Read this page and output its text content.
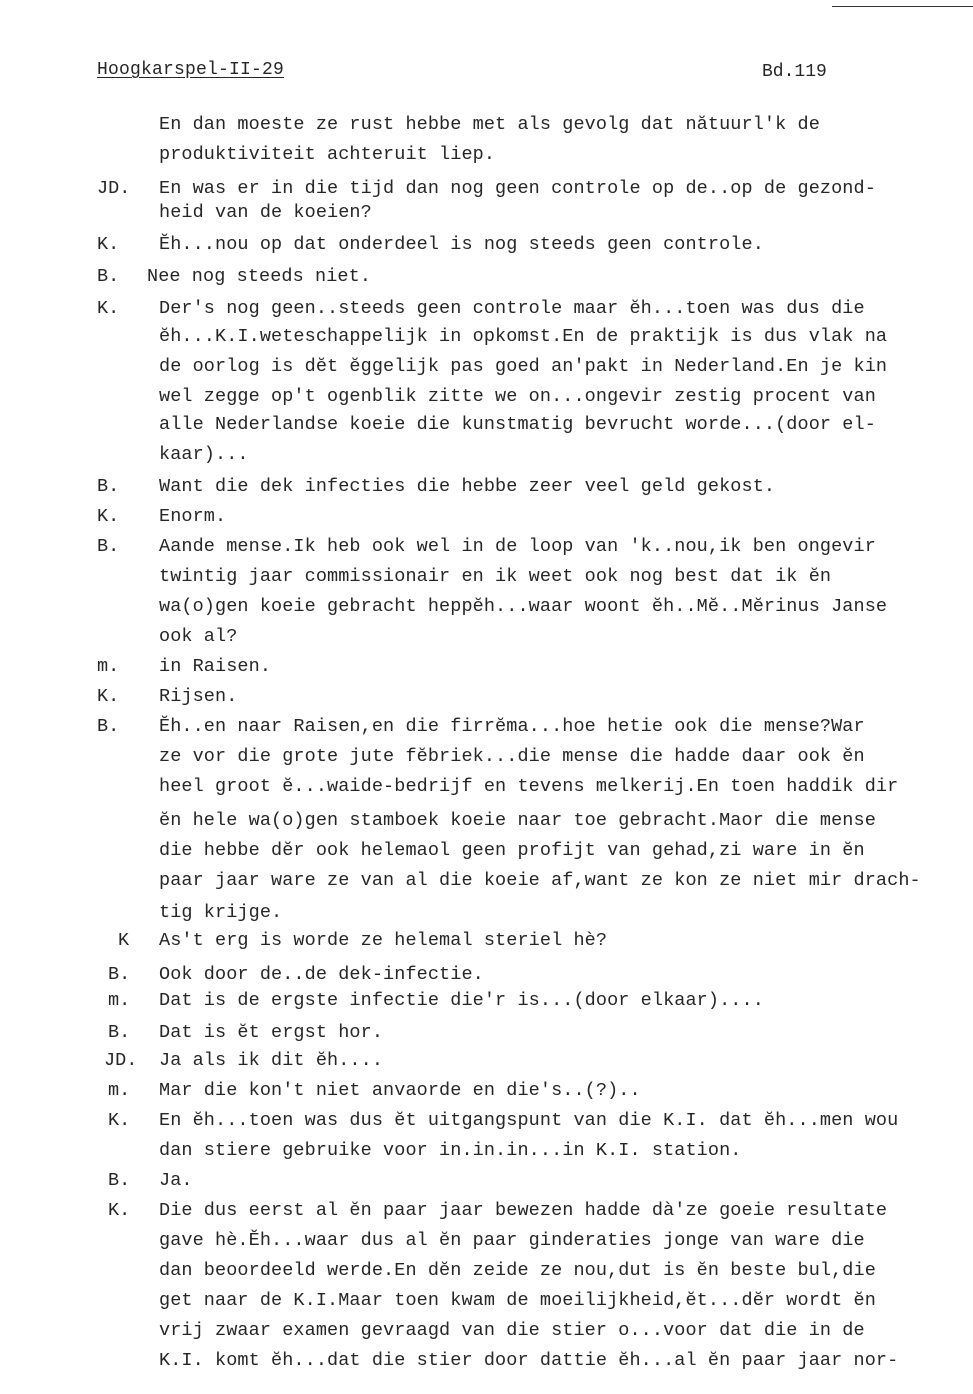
Hoogkarspel-II-29	Bd.119
En dan moeste ze rust hebbe met als gevolg dat nătuurl'k de
produktiviteit achteruit liep.
JD. En was er in die tijd dan nog geen controle op de..op de gezond-
heid van de koeien?
K. Ĕh...nou op dat onderdeel is nog steeds geen controle.
B. Nee nog steeds niet.
K. Der's nog geen..steeds geen controle maar ĕh...toen was dus die
ĕh...K.I.weteschappelijk in opkomst.En de praktijk is dus vlak na
de oorlog is dĕt ĕggelijk pas goed an'pakt in Nederland.En je kin
wel zegge op't ogenblik zitte we on...ongevir zestig procent van
alle Nederlandse koeie die kunstmatig bevrucht worde...(door el-
kaar)...
B. Want die dek infecties die hebbe zeer veel geld gekost.
K. Enorm.
B. Aande mense.Ik heb ook wel in de loop van 'k..nou,ik ben ongevir
twintig jaar commissionair en ik weet ook nog best dat ik ĕn
wa(o)gen koeie gebracht heppĕh...waar woont ĕh..Mĕ..Mĕrinus Janse
ook al?
m. in Raisen.
K. Rijsen.
B. Ĕh..en naar Raisen,en die firrĕma...hoe hetie ook die mense?War
ze vor die grote jute fĕbriek...die mense die hadde daar ook ĕn
heel groot ĕ...waide-bedrijf en tevens melkerij.En toen haddik dir
ĕn hele wa(o)gen stamboek koeie naar toe gebracht.Maor die mense
die hebbe dĕr ook helemaol geen profijt van gehad,zi ware in ĕn
paar jaar ware ze van al die koeie af,want ze kon ze niet mir drach-
tig krijge.
K As't erg is worde ze helemal steriel hè?
B. Ook door de..de dek-infectie.
m. Dat is de ergste infectie die'r is...(door elkaar)....
B. Dat is ĕt ergst hor.
JD. Ja als ik dit ĕh....
m. Mar die kon't niet anvaorde en die's..(?)..
K. En ĕh...toen was dus ĕt uitgangspunt van die K.I. dat ĕh...men wou
dan stiere gebruike voor in.in.in...in K.I. station.
B. Ja.
K. Die dus eerst al ĕn paar jaar bewezen hadde dà'ze goeie resultate
gave hè.Ĕh...waar dus al ĕn paar ginderaties jonge van ware die
dan beoordeeld werde.En dĕn zeide ze nou,dut is ĕn beste bul,die
get naar de K.I.Maar toen kwam de moeilijkheid,ĕt...dĕr wordt ĕn
vrij zwaar examen gevraagd van die stier o...voor dat die in de
K.I. komt ĕh...dat die stier door dattie ĕh...al ĕn paar jaar nor-
